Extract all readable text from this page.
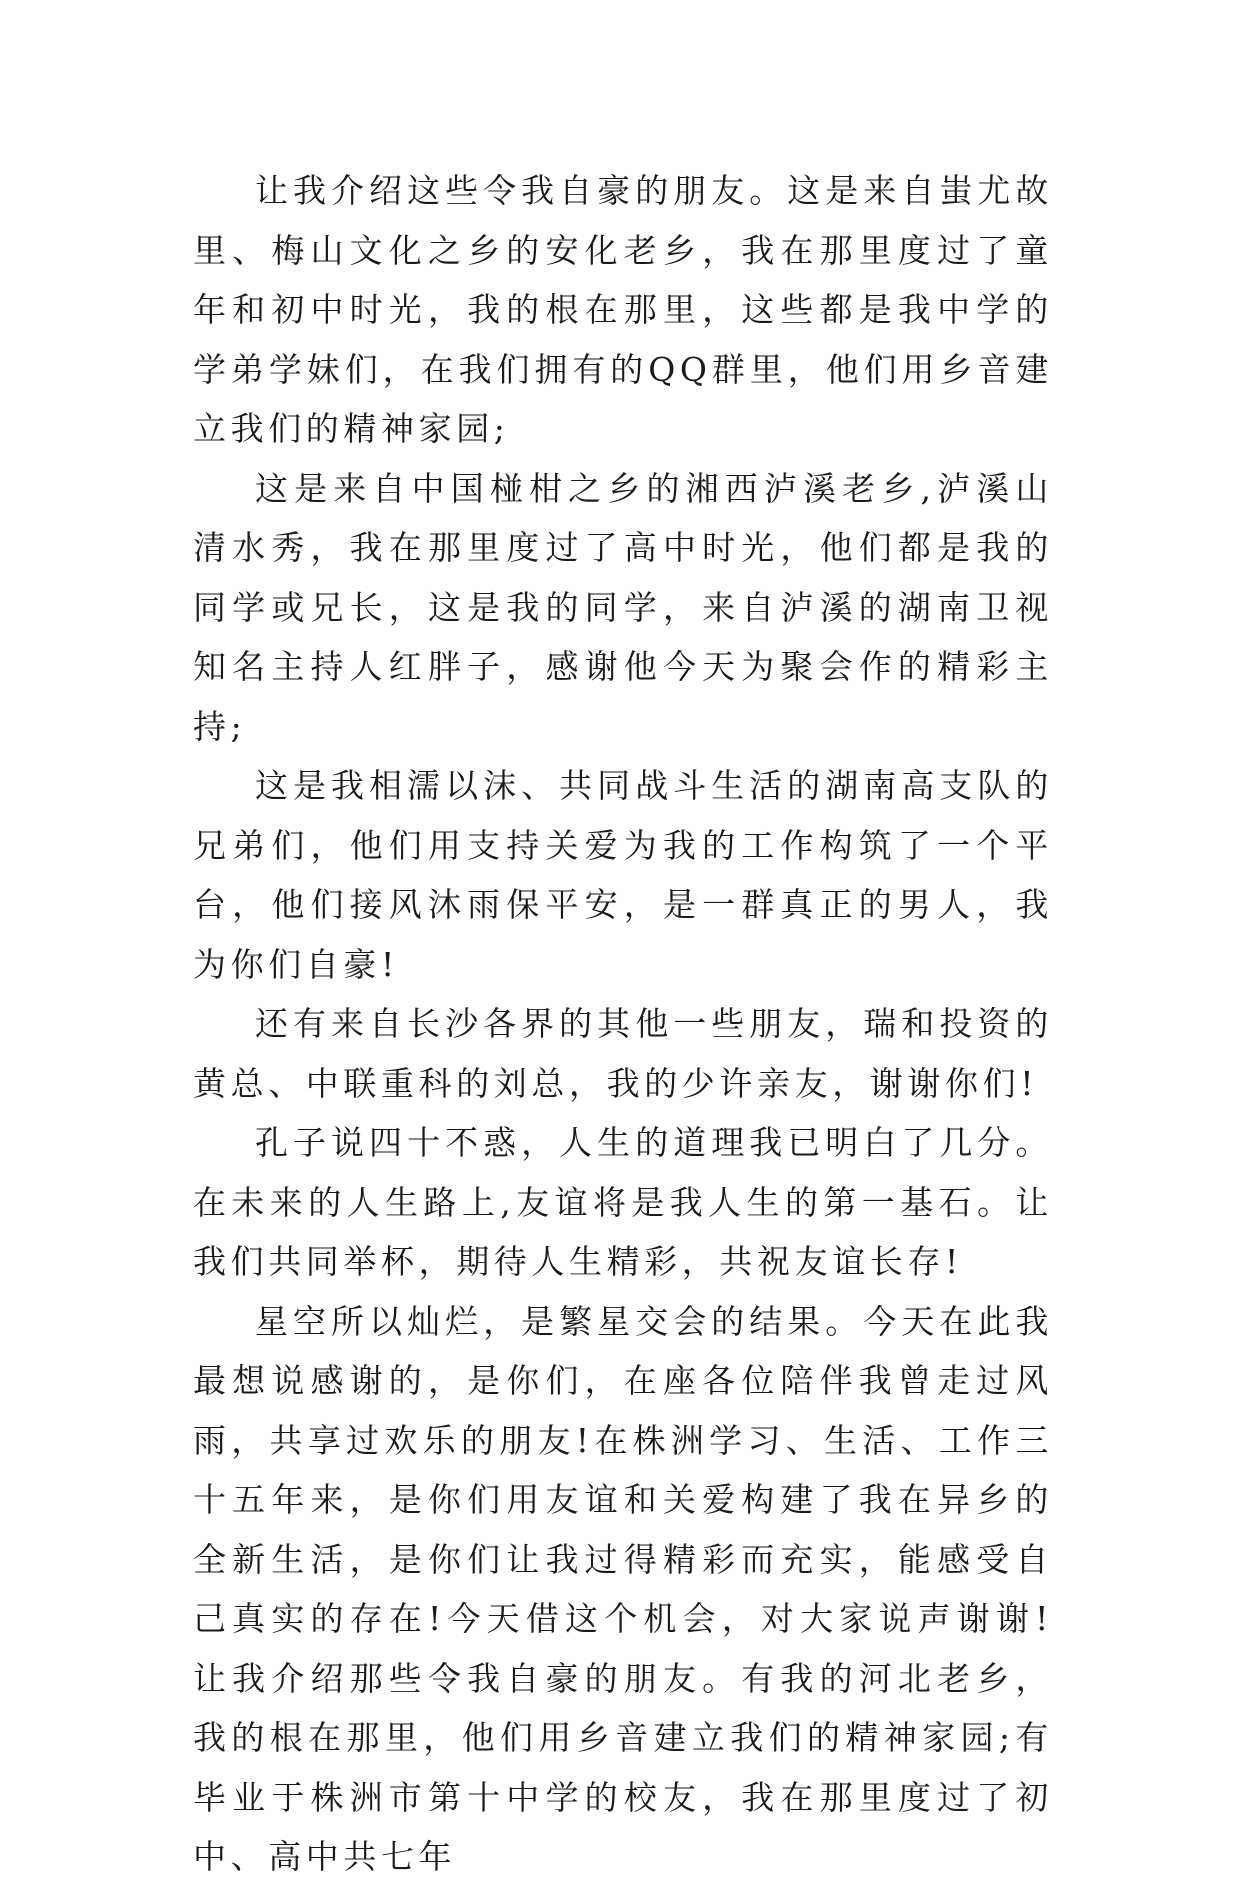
让我介绍这些令我自豪的朋友。这是来自蚩尤故里、梅山文化之乡的安化老乡，我在那里度过了童年和初中时光，我的根在那里，这些都是我中学的学弟学妹们，在我们拥有的QQ群里，他们用乡音建立我们的精神家园;

这是来自中国椪柑之乡的湘西泸溪老乡,泸溪山清水秀，我在那里度过了高中时光，他们都是我的同学或兄长，这是我的同学，来自泸溪的湖南卫视知名主持人红胖子，感谢他今天为聚会作的精彩主持;

这是我相濡以沫、共同战斗生活的湖南高支队的兄弟们，他们用支持关爱为我的工作构筑了一个平台，他们接风沐雨保平安，是一群真正的男人，我为你们自豪!

还有来自长沙各界的其他一些朋友，瑞和投资的黄总、中联重科的刘总，我的少许亲友，谢谢你们!

孔子说四十不惑，人生的道理我已明白了几分。在未来的人生路上,友谊将是我人生的第一基石。让我们共同举杯，期待人生精彩，共祝友谊长存!

星空所以灿烂，是繁星交会的结果。今天在此我最想说感谢的，是你们，在座各位陪伴我曾走过风雨，共享过欢乐的朋友!在株洲学习、生活、工作三十五年来，是你们用友谊和关爱构建了我在异乡的全新生活，是你们让我过得精彩而充实，能感受自己真实的存在!今天借这个机会，对大家说声谢谢! 让我介绍那些令我自豪的朋友。有我的河北老乡，我的根在那里，他们用乡音建立我们的精神家园;有毕业于株洲市第十中学的校友，我在那里度过了初中、高中共七年
